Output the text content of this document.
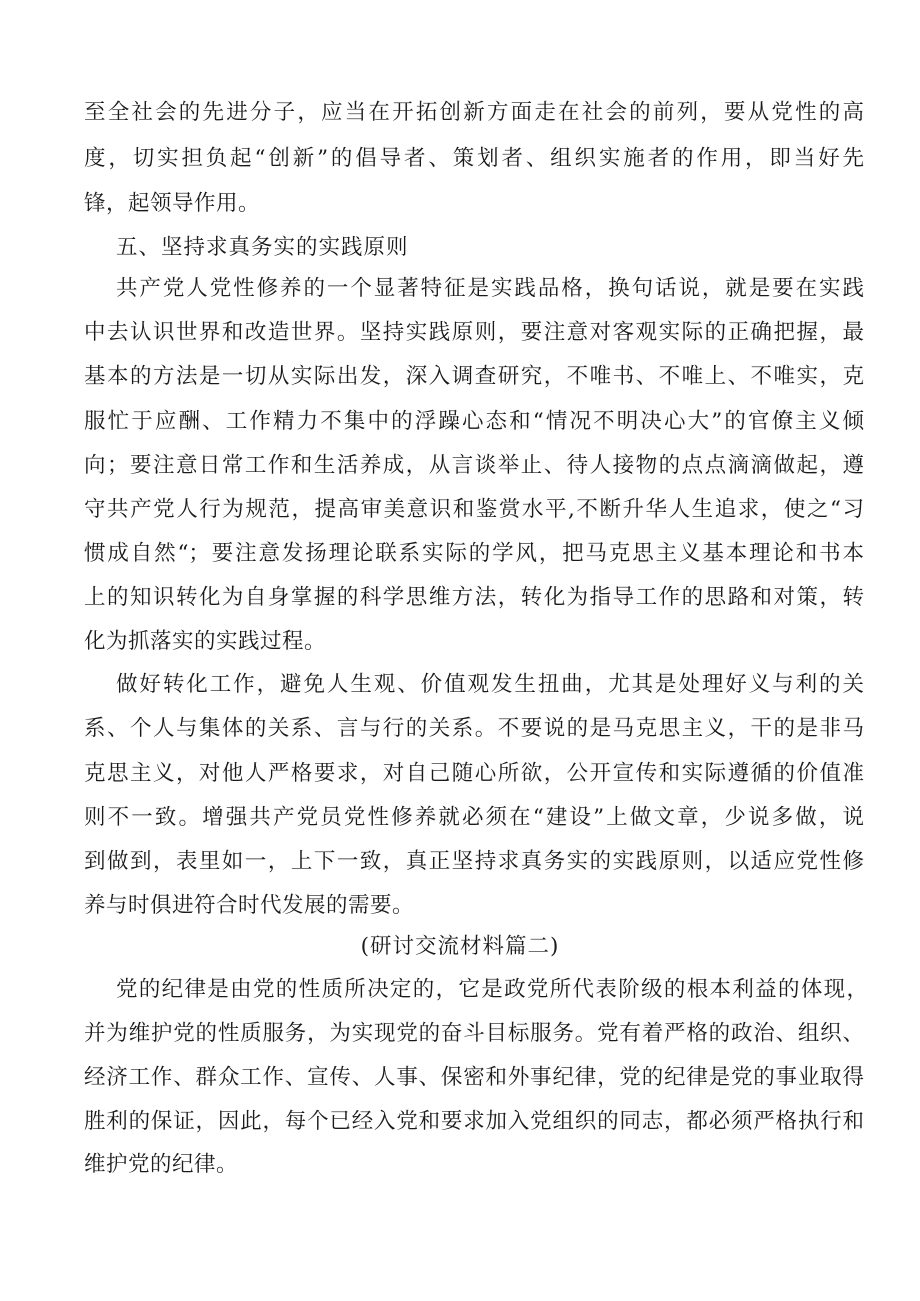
至全社会的先进分子，应当在开拓创新方面走在社会的前列，要从党性的高
度，切实担负起“创新”的倡导者、策划者、组织实施者的作用，即当好先
锋，起领导作用。
五、坚持求真务实的实践原则
共产党人党性修养的一个显著特征是实践品格，换句话说，就是要在实践
中去认识世界和改造世界。坚持实践原则，要注意对客观实际的正确把握，最
基本的方法是一切从实际出发，深入调查研究，不唯书、不唯上、不唯实，克
服忙于应酬、工作精力不集中的浮躁心态和“情况不明决心大”的官僚主义倾
向；要注意日常工作和生活养成，从言谈举止、待人接物的点点滴滴做起，遵
守共产党人行为规范，提高审美意识和鉴赏水平,不断升华人生追求，使之“习
惯成自然“；要注意发扬理论联系实际的学风，把马克思主义基本理论和书本
上的知识转化为自身掌握的科学思维方法，转化为指导工作的思路和对策，转
化为抓落实的实践过程。
做好转化工作，避免人生观、价值观发生扭曲，尤其是处理好义与利的关
系、个人与集体的关系、言与行的关系。不要说的是马克思主义，干的是非马
克思主义，对他人严格要求，对自己随心所欲，公开宣传和实际遵循的价值准
则不一致。增强共产党员党性修养就必须在“建设”上做文章，少说多做，说
到做到，表里如一，上下一致，真正坚持求真务实的实践原则，以适应党性修
养与时俱进符合时代发展的需要。
(研讨交流材料篇二)
党的纪律是由党的性质所决定的，它是政党所代表阶级的根本利益的体现，
并为维护党的性质服务，为实现党的奋斗目标服务。党有着严格的政治、组织、
经济工作、群众工作、宣传、人事、保密和外事纪律，党的纪律是党的事业取得
胜利的保证，因此，每个已经入党和要求加入党组织的同志，都必须严格执行和
维护党的纪律。
